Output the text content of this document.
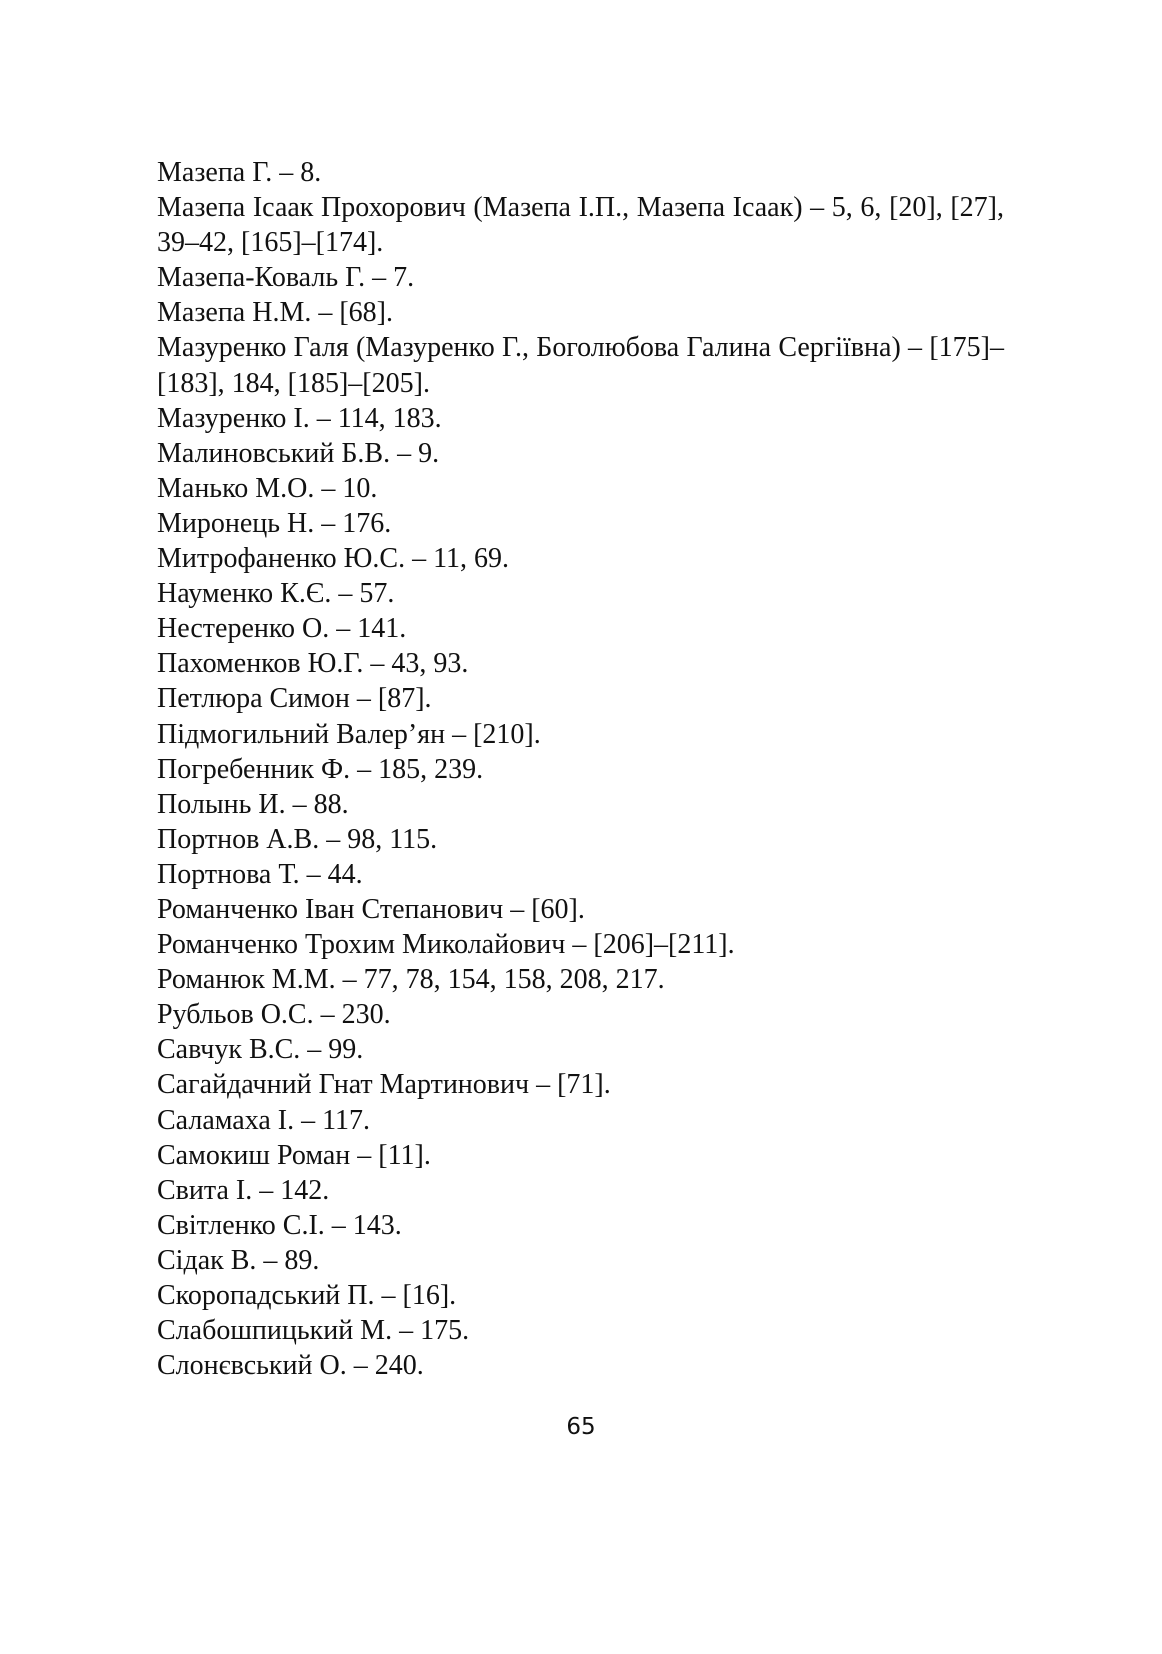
Мазепа Г. – 8.

Мазепа Ісаак Прохорович (Мазепа І.П., Мазепа Ісаак) – 5, 6, [20], [27], 39–42, [165]–[174].

Мазепа-Коваль Г. – 7.

Мазепа Н.М. – [68].

Мазуренко Галя (Мазуренко Г., Боголюбова Галина Сергіївна) – [175]–[183], 184, [185]–[205].

Мазуренко І. – 114, 183.

Малиновський Б.В. – 9.

Манько М.О. – 10.

Миронець Н. – 176.

Митрофаненко Ю.С. – 11, 69.

Науменко К.Є. – 57.

Нестеренко О. – 141.

Пахоменков Ю.Г. – 43, 93.

Петлюра Симон – [87].

Підмогильний Валер’ян – [210].

Погребенник Ф. – 185, 239.

Полынь И. – 88.

Портнов А.В. – 98, 115.

Портнова Т. – 44.

Романченко Іван Степанович – [60].

Романченко Трохим Миколайович – [206]–[211].

Романюк М.М. – 77, 78, 154, 158, 208, 217.

Рубльов О.С. – 230.

Савчук В.С. – 99.

Сагайдачний Гнат Мартинович – [71].

Саламаха І. – 117.

Самокиш Роман – [11].

Свита І. – 142.

Світленко С.І. – 143.

Сідак В. – 89.

Скоропадський П. – [16].

Слабошпицький М. – 175.

Слонєвський О. – 240.

65
